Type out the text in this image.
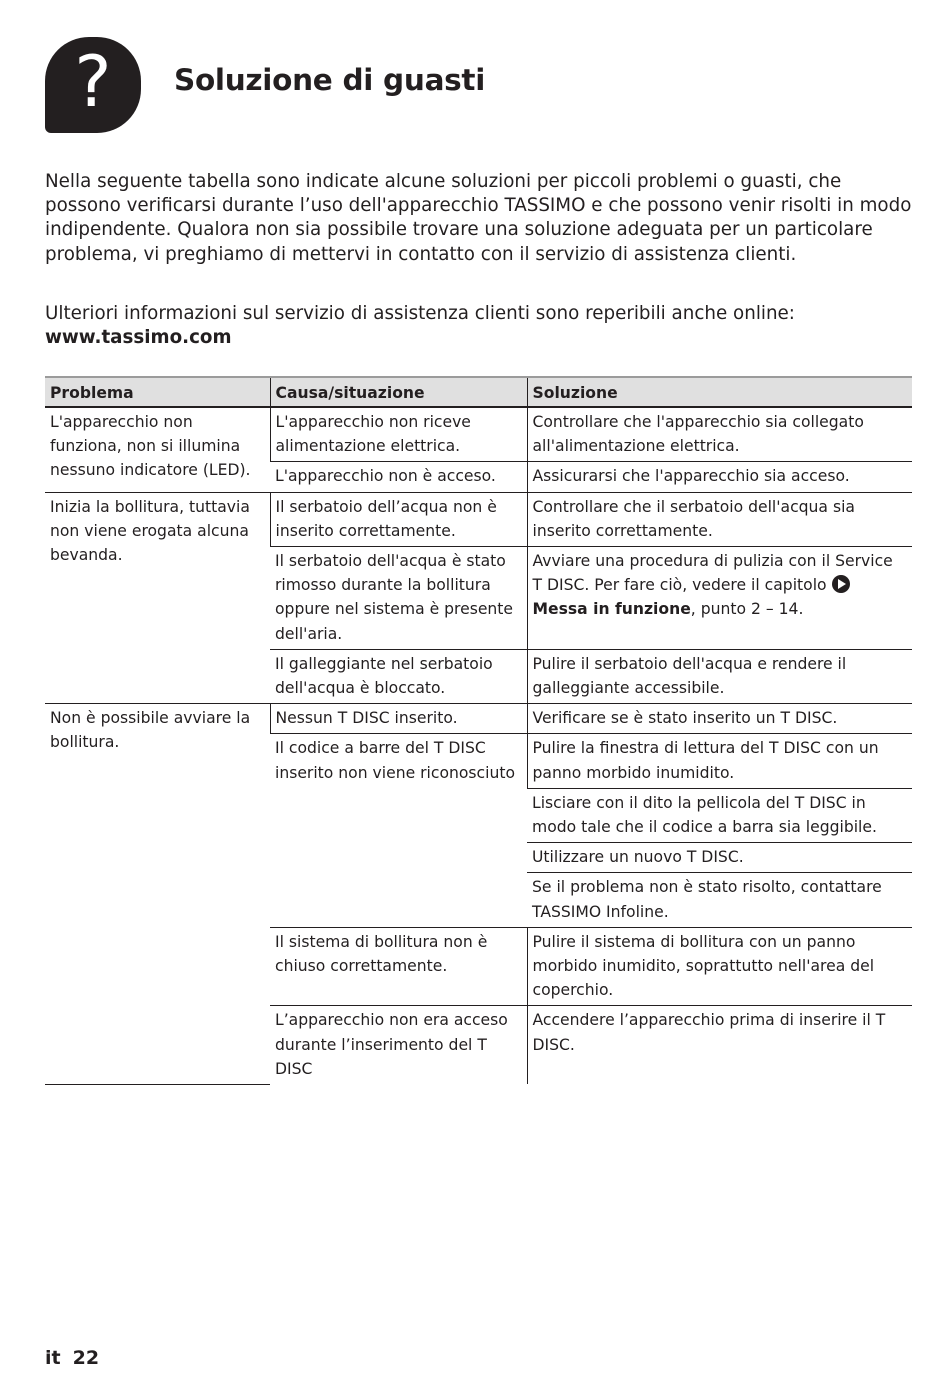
? Soluzione di guasti

Nella seguente tabella sono indicate alcune soluzioni per piccoli problemi o guasti, che possono verificarsi durante l’uso dell'apparecchio TASSIMO e che possono venir risolti in modo indipendente. Qualora non sia possibile trovare una soluzione adeguata per un particolare problema, vi preghiamo di mettervi in contatto con il servizio di assistenza clienti.

Ulteriori informazioni sul servizio di assistenza clienti sono reperibili anche online:
www.tassimo.com

Problema	Causa/situazione	Soluzione
L'apparecchio non funziona, non si illumina nessuno indicatore (LED).	L'apparecchio non riceve alimentazione elettrica.	Controllare che l'apparecchio sia collegato all'alimentazione elettrica.
	L'apparecchio non è acceso.	Assicurarsi che l'apparecchio sia acceso.
Inizia la bollitura, tuttavia non viene erogata alcuna bevanda.	Il serbatoio dell’acqua non è inserito correttamente.	Controllare che il serbatoio dell'acqua sia inserito correttamente.
	Il serbatoio dell'acqua è stato rimosso durante la bollitura oppure nel sistema è presente dell'aria.	Avviare una procedura di pulizia con il Service T DISC. Per fare ciò, vedere il capitolo Messa in funzione, punto 2 – 14.
	Il galleggiante nel serbatoio dell'acqua è bloccato.	Pulire il serbatoio dell'acqua e rendere il galleggiante accessibile.
Non è possibile avviare la bollitura.	Nessun T DISC inserito.	Verificare se è stato inserito un T DISC.
	Il codice a barre del T DISC inserito non viene riconosciuto	Pulire la finestra di lettura del T DISC con un panno morbido inumidito.
		Lisciare con il dito la pellicola del T DISC in modo tale che il codice a barra sia leggibile.
		Utilizzare un nuovo T DISC.
		Se il problema non è stato risolto, contattare TASSIMO Infoline.
	Il sistema di bollitura non è chiuso correttamente.	Pulire il sistema di bollitura con un panno morbido inumidito, soprattutto nell'area del coperchio.
	L’apparecchio non era acceso durante l’inserimento del T DISC	Accendere l’apparecchio prima di inserire il T DISC.
it 22
